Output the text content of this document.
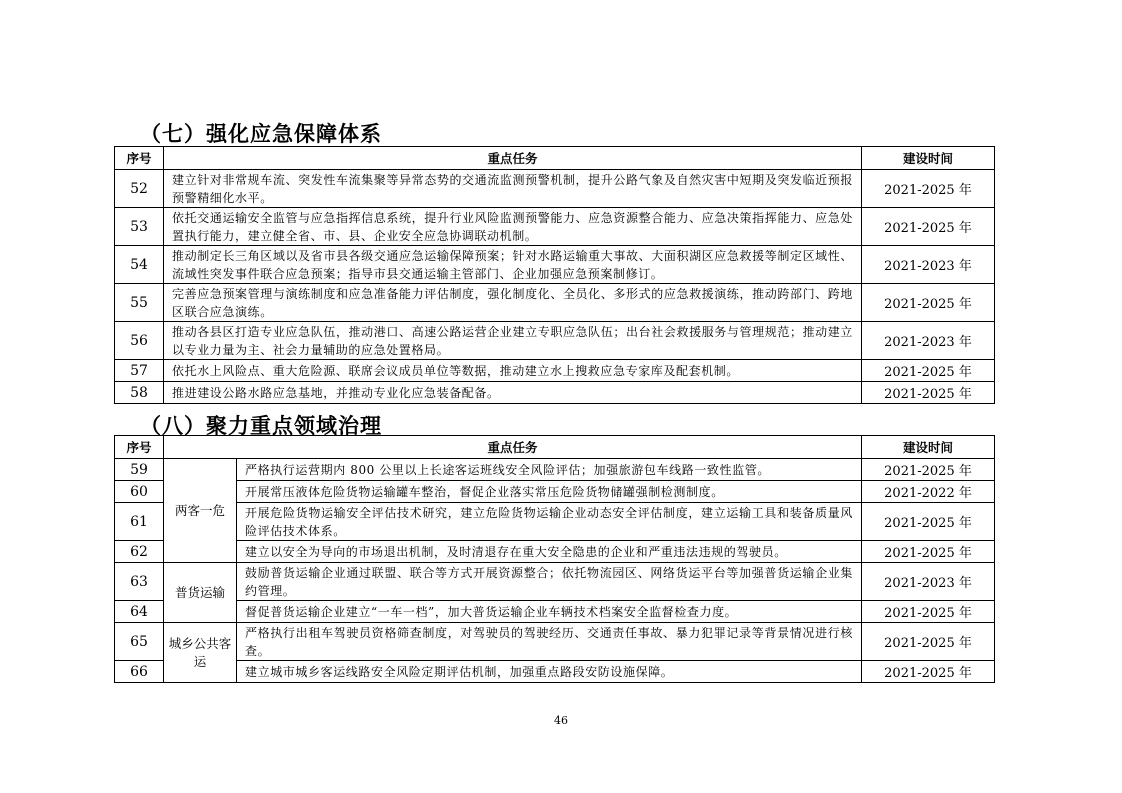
（七）强化应急保障体系
序号	重点任务	建设时间
52	建立针对非常规车流、突发性车流集聚等异常态势的交通流监测预警机制，提升公路气象及自然灾害中短期及突发临近预报预警精细化水平。	2021-2025 年
53	依托交通运输安全监管与应急指挥信息系统，提升行业风险监测预警能力、应急资源整合能力、应急决策指挥能力、应急处置执行能力，建立健全省、市、县、企业安全应急协调联动机制。	2021-2025 年
54	推动制定长三角区域以及省市县各级交通应急运输保障预案；针对水路运输重大事故、大面积湖区应急救援等制定区域性、流域性突发事件联合应急预案；指导市县交通运输主管部门、企业加强应急预案制修订。	2021-2023 年
55	完善应急预案管理与演练制度和应急准备能力评估制度，强化制度化、全员化、多形式的应急救援演练，推动跨部门、跨地区联合应急演练。	2021-2025 年
56	推动各县区打造专业应急队伍，推动港口、高速公路运营企业建立专职应急队伍；出台社会救援服务与管理规范；推动建立以专业力量为主、社会力量辅助的应急处置格局。	2021-2023 年
57	依托水上风险点、重大危险源、联席会议成员单位等数据，推动建立水上搜救应急专家库及配套机制。	2021-2025 年
58	推进建设公路水路应急基地，并推动专业化应急装备配备。	2021-2025 年
（八）聚力重点领域治理
序号	重点任务		建设时间
59	两客一危	严格执行运营期内 800 公里以上长途客运班线安全风险评估；加强旅游包车线路一致性监管。	2021-2025 年
60		开展常压液体危险货物运输罐车整治，督促企业落实常压危险货物储罐强制检测制度。	2021-2022 年
61		开展危险货物运输安全评估技术研究，建立危险货物运输企业动态安全评估制度，建立运输工具和装备质量风险评估技术体系。	2021-2025 年
62		建立以安全为导向的市场退出机制，及时清退存在重大安全隐患的企业和严重违法违规的驾驶员。	2021-2025 年
63	普货运输	鼓励普货运输企业通过联盟、联合等方式开展资源整合；依托物流园区、网络货运平台等加强普货运输企业集约管理。	2021-2023 年
64		督促普货运输企业建立“一车一档”，加大普货运输企业车辆技术档案安全监督检查力度。	2021-2025 年
65	城乡公共客运	严格执行出租车驾驶员资格筛查制度，对驾驶员的驾驶经历、交通责任事故、暴力犯罪记录等背景情况进行核查。	2021-2025 年
66		建立城市城乡客运线路安全风险定期评估机制，加强重点路段安防设施保障。	2021-2025 年
46
